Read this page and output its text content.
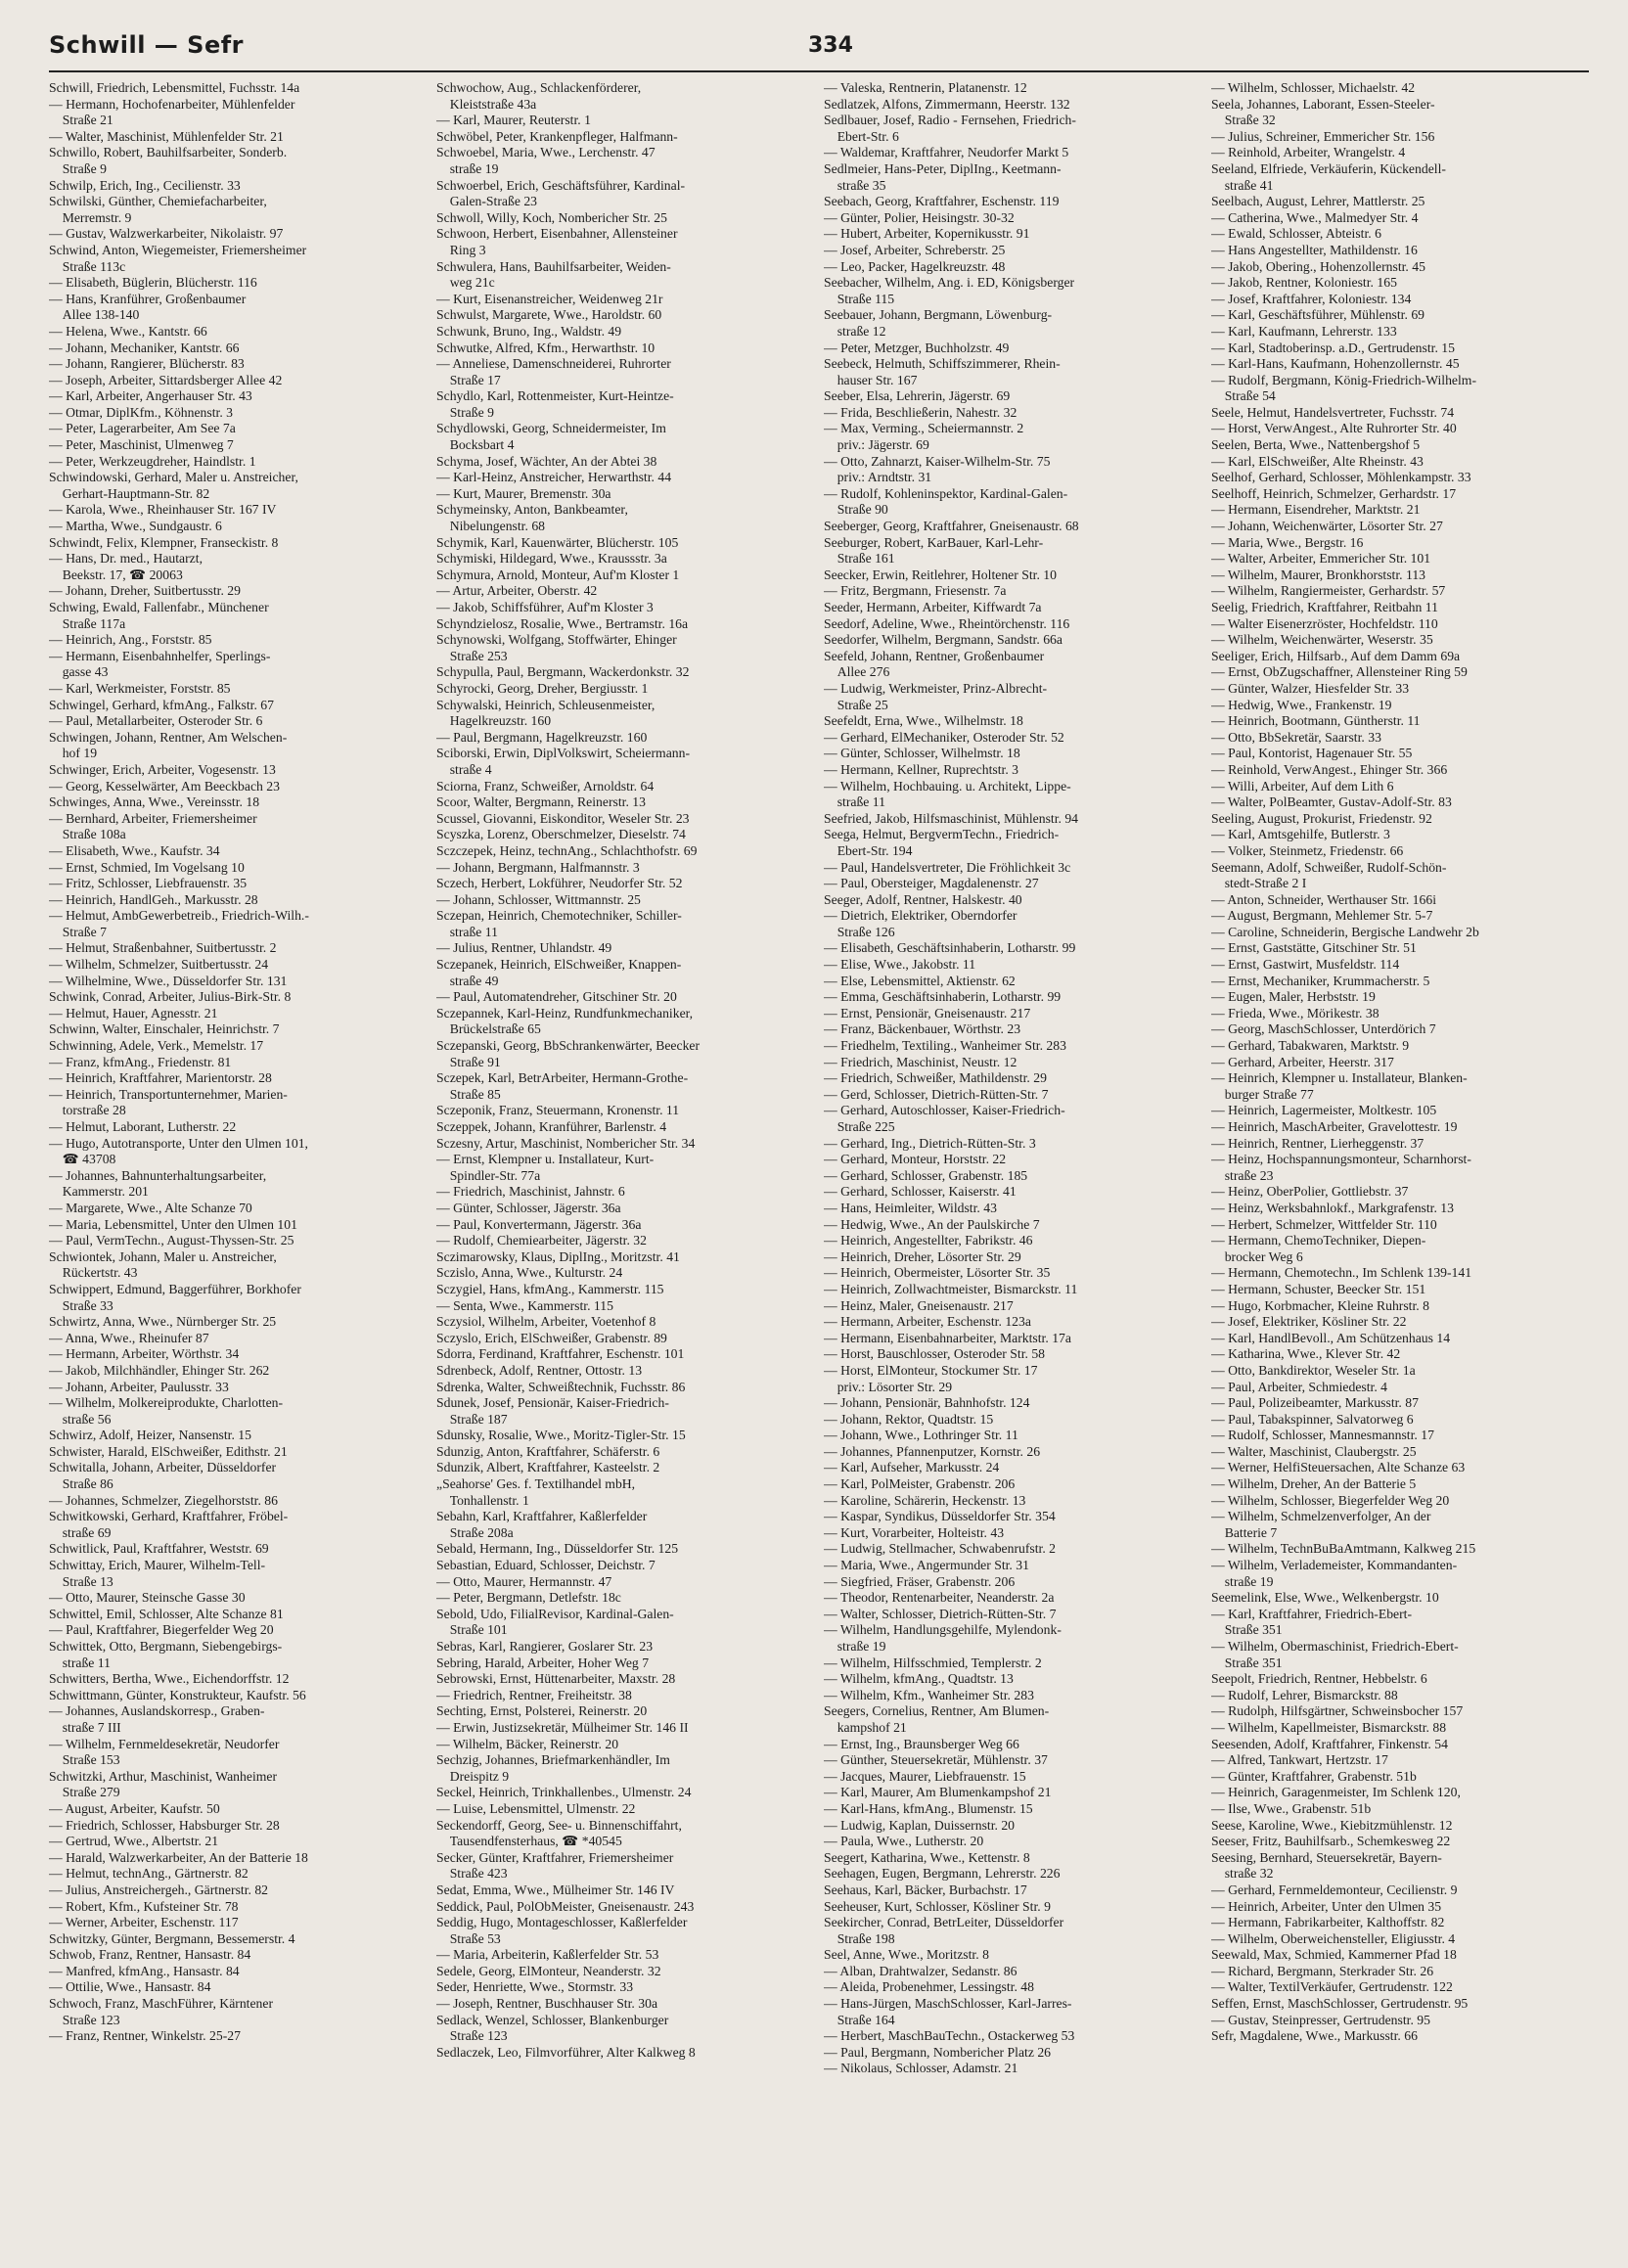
Schwill — Sefr	334
Schwill, Friedrich, Lebensmittel, Fuchsstr. 14a
— Hermann, Hochofenarbeiter, Mühlenfelder
 Straße 21
— Walter, Maschinist, Mühlenfelder Str. 21
Schwillo, Robert, Bauhilfsarbeiter, Sonderb.
 Straße 9
Schwilp, Erich, Ing., Cecilienstr. 33
Schwilski, Günther, Chemiefacharbeiter,
 Merremstr. 9
— Gustav, Walzwerkarbeiter, Nikolaistr. 97
Schwind, Anton, Wiegemeister, Friemersheimer
 Straße 113c
— Elisabeth, Büglerin, Blücherstr. 116
— Hans, Kranführer, Großenbaumer
 Allee 138-140
— Helena, Wwe., Kantstr. 66
— Johann, Mechaniker, Kantstr. 66
— Johann, Rangierer, Blücherstr. 83
— Joseph, Arbeiter, Sittardsberger Allee 42
— Karl, Arbeiter, Angerhauser Str. 43
— Otmar, DiplKfm., Köhnenstr. 3
— Peter, Lagerarbeiter, Am See 7a
— Peter, Maschinist, Ulmenweg 7
— Peter, Werkzeugdreher, Haindlstr. 1
Schwindowski, Gerhard, Maler u. Anstreicher,
 Gerhart-Hauptmann-Str. 82
— Karola, Wwe., Rheinhauser Str. 167 IV
— Martha, Wwe., Sundgaustr. 6
Schwindt, Felix, Klempner, Franseckistr. 8
— Hans, Dr. med., Hautarzt,
 Beekstr. 17, ☎ 20063
— Johann, Dreher, Suitbertusstr. 29
Schwing, Ewald, Fallenfabr., Münchener
 Straße 117a
— Heinrich, Ang., Forststr. 85
— Hermann, Eisenbahnhelfer, Sperlings-
 gasse 43
— Karl, Werkmeister, Forststr. 85
Schwingel, Gerhard, kfmAng., Falkstr. 67
— Paul, Metallarbeiter, Osteroder Str. 6
Schwingen, Johann, Rentner, Am Welschen-
 hof 19
Schwinger, Erich, Arbeiter, Vogesenstr. 13
— Georg, Kesselwärter, Am Beeckbach 23
Schwinges, Anna, Wwe., Vereinsstr. 18
— Bernhard, Arbeiter, Friemersheimer
 Straße 108a
— Elisabeth, Wwe., Kaufstr. 34
— Ernst, Schmied, Im Vogelsang 10
— Fritz, Schlosser, Liebfrauenstr. 35
— Heinrich, HandlGeh., Markusstr. 28
— Helmut, AmbGewerbetreib., Friedrich-Wilh.-
 Straße 7
— Helmut, Straßenbahner, Suitbertusstr. 2
— Wilhelm, Schmelzer, Suitbertusstr. 24
— Wilhelmine, Wwe., Düsseldorfer Str. 131
Schwink, Conrad, Arbeiter, Julius-Birk-Str. 8
— Helmut, Hauer, Agnesstr. 21
Schwinn, Walter, Einschaler, Heinrichstr. 7
Schwinning, Adele, Verk., Memelstr. 17
— Franz, kfmAng., Friedenstr. 81
— Heinrich, Kraftfahrer, Marientorstr. 28
— Heinrich, Transportunternehmer, Marien-
 torstraße 28
— Helmut, Laborant, Lutherstr. 22
— Hugo, Autotransporte, Unter den Ulmen 101,
 ☎ 43708
— Johannes, Bahnunterhaltungsarbeiter,
 Kammerstr. 201
— Margarete, Wwe., Alte Schanze 70
— Maria, Lebensmittel, Unter den Ulmen 101
— Paul, VermTechn., August-Thyssen-Str. 25
Schwiontek, Johann, Maler u. Anstreicher,
 Rückertstr. 43
Schwippert, Edmund, Baggerführer, Borkhofer
 Straße 33
Schwirtz, Anna, Wwe., Nürnberger Str. 25
— Anna, Wwe., Rheinufer 87
— Hermann, Arbeiter, Wörthstr. 34
— Jakob, Milchhändler, Ehinger Str. 262
— Johann, Arbeiter, Paulusstr. 33
— Wilhelm, Molkereiprodukte, Charlotten-
 straße 56
Schwirz, Adolf, Heizer, Nansenstr. 15
Schwister, Harald, ElSchweißer, Edithstr. 21
Schwitalla, Johann, Arbeiter, Düsseldorfer
 Straße 86
— Johannes, Schmelzer, Ziegelhorststr. 86
Schwitkowski, Gerhard, Kraftfahrer, Fröbel-
 straße 69
Schwitlick, Paul, Kraftfahrer, Weststr. 69
Schwittay, Erich, Maurer, Wilhelm-Tell-
 Straße 13
— Otto, Maurer, Steinsche Gasse 30
Schwittel, Emil, Schlosser, Alte Schanze 81
— Paul, Kraftfahrer, Biegerfelder Weg 20
Schwittek, Otto, Bergmann, Siebengebirgs-
 straße 11
Schwitters, Bertha, Wwe., Eichendorffstr. 12
Schwittmann, Günter, Konstrukteur, Kaufstr. 56
— Johannes, Auslandskorresp., Graben-
 straße 7 III
— Wilhelm, Fernmeldesekretär, Neudorfer
 Straße 153
Schwitzki, Arthur, Maschinist, Wanheimer
 Straße 279
— August, Arbeiter, Kaufstr. 50
— Friedrich, Schlosser, Habsburger Str. 28
— Gertrud, Wwe., Albertstr. 21
— Harald, Walzwerkarbeiter, An der Batterie 18
— Helmut, technAng., Gärtnerstr. 82
— Julius, Anstreichergeh., Gärtnerstr. 82
— Robert, Kfm., Kufsteiner Str. 78
— Werner, Arbeiter, Eschenstr. 117
Schwitzky, Günter, Bergmann, Bessemerstr. 4
Schwob, Franz, Rentner, Hansastr. 84
— Manfred, kfmAng., Hansastr. 84
— Ottilie, Wwe., Hansastr. 84
Schwoch, Franz, MaschFührer, Kärntener
 Straße 123
— Franz, Rentner, Winkelstr. 25-27
Schwochow, Aug., Schlackenförderer,
 Kleiststraße 43a
— Karl, Maurer, Reuterstr. 1
Schwöbel, Peter, Krankenpfleger, Halfmann-
Schwoebel, Maria, Wwe., Lerchenstr. 47
 straße 19
Schwoerbel, Erich, Geschäftsführer, Kardinal-
 Galen-Straße 23
Schwoll, Willy, Koch, Nombericher Str. 25
Schwoon, Herbert, Eisenbahner, Allensteiner
 Ring 3
Schwulera, Hans, Bauhilfsarbeiter, Weiden-
 weg 21c
— Kurt, Eisenanstreicher, Weidenweg 21r
Schwulst, Margarete, Wwe., Haroldstr. 60
Schwunk, Bruno, Ing., Waldstr. 49
Schwutke, Alfred, Kfm., Herwarthstr. 10
— Anneliese, Damenschneiderei, Ruhrorter
 Straße 17
Schydlo, Karl, Rottenmeister, Kurt-Heintze-
 Straße 9
Schydlowski, Georg, Schneidermeister, Im
 Bocksbart 4
Schyma, Josef, Wächter, An der Abtei 38
— Karl-Heinz, Anstreicher, Herwarthstr. 44
— Kurt, Maurer, Bremenstr. 30a
Schymeinsky, Anton, Bankbeamter,
 Nibelungenstr. 68
Schymik, Karl, Kauenwärter, Blücherstr. 105
Schymiski, Hildegard, Wwe., Kraussstr. 3a
Schymura, Arnold, Monteur, Auf'm Kloster 1
— Artur, Arbeiter, Oberstr. 42
— Jakob, Schiffsführer, Auf'm Kloster 3
Schyndzielosz, Rosalie, Wwe., Bertramstr. 16a
Schynowski, Wolfgang, Stoffwärter, Ehinger
 Straße 253
Schypulla, Paul, Bergmann, Wackerdonkstr. 32
Schyrocki, Georg, Dreher, Bergiusstr. 1
Schywalski, Heinrich, Schleusenmeister,
 Hagelkreuzstr. 160
— Paul, Bergmann, Hagelkreuzstr. 160
Sciborski, Erwin, DiplVolkswirt, Scheiermann-
 straße 4
Sciorna, Franz, Schweißer, Arnoldstr. 64
Scoor, Walter, Bergmann, Reinerstr. 13
Scussel, Giovanni, Eiskonditor, Weseler Str. 23
Scyszka, Lorenz, Oberschmelzer, Dieselstr. 74
Sczczepek, Heinz, technAng., Schlachthofstr. 69
— Johann, Bergmann, Halfmannstr. 3
Sczech, Herbert, Lokführer, Neudorfer Str. 52
— Johann, Schlosser, Wittmannstr. 25
Sczepan, Heinrich, Chemotechniker, Schiller-
 straße 11
— Julius, Rentner, Uhlandstr. 49
Sczepanek, Heinrich, ElSchweißer, Knappen-
 straße 49
— Paul, Automatendreher, Gitschiner Str. 20
Sczepannek, Karl-Heinz, Rundfunkmechaniker,
 Brückelstraße 65
Sczepanski, Georg, BbSchrankenwärter, Beecker
 Straße 91
Sczepek, Karl, BetrArbeiter, Hermann-Grothe-
 Straße 85
Sczeponik, Franz, Steuermann, Kronenstr. 11
Sczeppek, Johann, Kranführer, Barlenstr. 4
Sczesny, Artur, Maschinist, Nombericher Str. 34
— Ernst, Klempner u. Installateur, Kurt-
 Spindler-Str. 77a
— Friedrich, Maschinist, Jahnstr. 6
— Günter, Schlosser, Jägerstr. 36a
— Paul, Konvertermann, Jägerstr. 36a
— Rudolf, Chemiearbeiter, Jägerstr. 32
Sczimarowsky, Klaus, DiplIng., Moritzstr. 41
Sczislo, Anna, Wwe., Kulturstr. 24
Sczygiel, Hans, kfmAng., Kammerstr. 115
— Senta, Wwe., Kammerstr. 115
Sczysiol, Wilhelm, Arbeiter, Voetenhof 8
Sczyslo, Erich, ElSchweißer, Grabenstr. 89
Sdorra, Ferdinand, Kraftfahrer, Eschenstr. 101
Sdrenbeck, Adolf, Rentner, Ottostr. 13
Sdrenka, Walter, Schweißtechnik, Fuchsstr. 86
Sdunek, Josef, Pensionär, Kaiser-Friedrich-
 Straße 187
Sdunsky, Rosalie, Wwe., Moritz-Tigler-Str. 15
Sdunzig, Anton, Kraftfahrer, Schäferstr. 6
Sdunzik, Albert, Kraftfahrer, Kasteelstr. 2
„Seahorse' Ges. f. Textilhandel mbH,
 Tonhallenstr. 1
Sebahn, Karl, Kraftfahrer, Kaßlerfelder
 Straße 208a
Sebald, Hermann, Ing., Düsseldorfer Str. 125
Sebastian, Eduard, Schlosser, Deichstr. 7
— Otto, Maurer, Hermannstr. 47
— Peter, Bergmann, Detlefstr. 18c
Sebold, Udo, FilialRevisor, Kardinal-Galen-
 Straße 101
Sebras, Karl, Rangierer, Goslarer Str. 23
Sebring, Harald, Arbeiter, Hoher Weg 7
Sebrowski, Ernst, Hüttenarbeiter, Maxstr. 28
— Friedrich, Rentner, Freiheitstr. 38
Sechting, Ernst, Polsterei, Reinerstr. 20
— Erwin, Justizsekretär, Mülheimer Str. 146 II
— Wilhelm, Bäcker, Reinerstr. 20
Sechzig, Johannes, Briefmarkenhändler, Im
 Dreispitz 9
Seckel, Heinrich, Trinkhallenbes., Ulmenstr. 24
— Luise, Lebensmittel, Ulmenstr. 22
Seckendorff, Georg, See- u. Binnenschiffahrt,
 Tausendfensterhaus, ☎ *40545
Secker, Günter, Kraftfahrer, Friemersheimer
 Straße 423
Sedat, Emma, Wwe., Mülheimer Str. 146 IV
Seddick, Paul, PolObMeister, Gneisenaustr. 243
Seddig, Hugo, Montageschlosser, Kaßlerfelder
 Straße 53
— Maria, Arbeiterin, Kaßlerfelder Str. 53
Sedele, Georg, ElMonteur, Neanderstr. 32
Seder, Henriette, Wwe., Stormstr. 33
— Joseph, Rentner, Buschhauser Str. 30a
Sedlack, Wenzel, Schlosser, Blankenburger
 Straße 123
Sedlaczek, Leo, Filmvorführer, Alter Kalkweg 8
— Valeska, Rentnerin, Platanenstr. 12
Sedlatzek, Alfons, Zimmermann, Heerstr. 132
Sedlbauer, Josef, Radio - Fernsehen, Friedrich-
 Ebert-Str. 6
— Waldemar, Kraftfahrer, Neudorfer Markt 5
Sedlmeier, Hans-Peter, DiplIng., Keetmann-
 straße 35
Seebach, Georg, Kraftfahrer, Eschenstr. 119
— Günter, Polier, Heisingstr. 30-32
— Hubert, Arbeiter, Kopernikusstr. 91
— Josef, Arbeiter, Schreberstr. 25
— Leo, Packer, Hagelkreuzstr. 48
Seebacher, Wilhelm, Ang. i. ED, Königsberger
 Straße 115
Seebauer, Johann, Bergmann, Löwenburg-
 straße 12
— Peter, Metzger, Buchholzstr. 49
Seebeck, Helmuth, Schiffszimmerer, Rhein-
 hauser Str. 167
Seeber, Elsa, Lehrerin, Jägerstr. 69
— Frida, Beschließerin, Nahestr. 32
— Max, Verming., Scheiermannstr. 2
 priv.: Jägerstr. 69
— Otto, Zahnarzt, Kaiser-Wilhelm-Str. 75
 priv.: Arndtstr. 31
— Rudolf, Kohleninspektor, Kardinal-Galen-
 Straße 90
Seeberger, Georg, Kraftfahrer, Gneisenaustr. 68
Seeburger, Robert, KarBauer, Karl-Lehr-
 Straße 161
Seecker, Erwin, Reitlehrer, Holtener Str. 10
— Fritz, Bergmann, Friesenstr. 7a
Seeder, Hermann, Arbeiter, Kiffwardt 7a
Seedorf, Adeline, Wwe., Rheintörchenstr. 116
Seedorfer, Wilhelm, Bergmann, Sandstr. 66a
Seefeld, Johann, Rentner, Großenbaumer
 Allee 276
— Ludwig, Werkmeister, Prinz-Albrecht-
 Straße 25
Seefeldt, Erna, Wwe., Wilhelmstr. 18
— Gerhard, ElMechaniker, Osteroder Str. 52
— Günter, Schlosser, Wilhelmstr. 18
— Hermann, Kellner, Ruprechtstr. 3
— Wilhelm, Hochbauing. u. Architekt, Lippe-
 straße 11
Seefried, Jakob, Hilfsmaschinist, Mühlenstr. 94
Seega, Helmut, BergvermTechn., Friedrich-
 Ebert-Str. 194
— Paul, Handelsvertreter, Die Fröhlichkeit 3c
— Paul, Obersteiger, Magdalenenstr. 27
Seeger, Adolf, Rentner, Halskestr. 40
— Dietrich, Elektriker, Oberndorfer
 Straße 126
— Elisabeth, Geschäftsinhaberin, Lotharstr. 99
— Elise, Wwe., Jakobstr. 11
— Else, Lebensmittel, Aktienstr. 62
— Emma, Geschäftsinhaberin, Lotharstr. 99
— Ernst, Pensionär, Gneisenaustr. 217
— Franz, Bäckenbauer, Wörthstr. 23
— Friedhelm, Textiling., Wanheimer Str. 283
— Friedrich, Maschinist, Neustr. 12
— Friedrich, Schweißer, Mathildenstr. 29
— Gerd, Schlosser, Dietrich-Rütten-Str. 7
— Gerhard, Autoschlosser, Kaiser-Friedrich-
 Straße 225
— Gerhard, Ing., Dietrich-Rütten-Str. 3
— Gerhard, Monteur, Horststr. 22
— Gerhard, Schlosser, Grabenstr. 185
— Gerhard, Schlosser, Kaiserstr. 41
— Hans, Heimleiter, Wildstr. 43
— Hedwig, Wwe., An der Paulskirche 7
— Heinrich, Angestellter, Fabrikstr. 46
— Heinrich, Dreher, Lösorter Str. 29
— Heinrich, Obermeister, Lösorter Str. 35
— Heinrich, Zollwachtmeister, Bismarckstr. 11
— Heinz, Maler, Gneisenaustr. 217
— Hermann, Arbeiter, Eschenstr. 123a
— Hermann, Eisenbahnarbeiter, Marktstr. 17a
— Horst, Bauschlosser, Osteroder Str. 58
— Horst, ElMonteur, Stockumer Str. 17
 priv.: Lösorter Str. 29
— Johann, Pensionär, Bahnhofstr. 124
— Johann, Rektor, Quadtstr. 15
— Johann, Wwe., Lothringer Str. 11
— Johannes, Pfannenputzer, Kornstr. 26
— Karl, Aufseher, Markusstr. 24
— Karl, PolMeister, Grabenstr. 206
— Karoline, Schärerin, Heckenstr. 13
— Kaspar, Syndikus, Düsseldorfer Str. 354
— Kurt, Vorarbeiter, Holteistr. 43
— Ludwig, Stellmacher, Schwabenrufstr. 2
— Maria, Wwe., Angermunder Str. 31
— Siegfried, Fräser, Grabenstr. 206
— Theodor, Rentenarbeiter, Neanderstr. 2a
— Walter, Schlosser, Dietrich-Rütten-Str. 7
— Wilhelm, Handlungsgehilfe, Mylendonk-
 straße 19
— Wilhelm, Hilfsschmied, Templerstr. 2
— Wilhelm, kfmAng., Quadtstr. 13
— Wilhelm, Kfm., Wanheimer Str. 283
Seegers, Cornelius, Rentner, Am Blumen-
 kampshof 21
— Ernst, Ing., Braunsberger Weg 66
— Günther, Steuersekretär, Mühlenstr. 37
— Jacques, Maurer, Liebfrauenstr. 15
— Karl, Maurer, Am Blumenkampshof 21
— Karl-Hans, kfmAng., Blumenstr. 15
— Ludwig, Kaplan, Duissernstr. 20
— Paula, Wwe., Lutherstr. 20
Seegert, Katharina, Wwe., Kettenstr. 8
Seehagen, Eugen, Bergmann, Lehrerstr. 226
Seehaus, Karl, Bäcker, Burbachstr. 17
Seeheuser, Kurt, Schlosser, Kösliner Str. 9
Seekircher, Conrad, BetrLeiter, Düsseldorfer
 Straße 198
Seel, Anne, Wwe., Moritzstr. 8
— Alban, Drahtwalzer, Sedanstr. 86
— Aleida, Probenehmer, Lessingstr. 48
— Hans-Jürgen, MaschSchlosser, Karl-Jarres-
 Straße 164
— Herbert, MaschBauTechn., Ostackerweg 53
— Paul, Bergmann, Nombericher Platz 26
— Nikolaus, Schlosser, Adamstr. 21
— Wilhelm, Schlosser, Michaelstr. 42
Seela, Johannes, Laborant, Essen-Steeler-
 Straße 32
— Julius, Schreiner, Emmericher Str. 156
— Reinhold, Arbeiter, Wrangelstr. 4
Seeland, Elfriede, Verkäuferin, Kückendell-
 straße 41
Seelbach, August, Lehrer, Mattlerstr. 25
— Catherina, Wwe., Malmedyer Str. 4
— Ewald, Schlosser, Abteistr. 6
— Hans Angestellter, Mathildenstr. 16
— Jakob, Obering., Hohenzollernstr. 45
— Jakob, Rentner, Koloniestr. 165
— Josef, Kraftfahrer, Koloniestr. 134
— Karl, Geschäftsführer, Mühlenstr. 69
— Karl, Kaufmann, Lehrerstr. 133
— Karl, Stadtoberinsp. a.D., Gertrudenstr. 15
— Karl-Hans, Kaufmann, Hohenzollernstr. 45
— Rudolf, Bergmann, König-Friedrich-Wilhelm-
 Straße 54
Seele, Helmut, Handelsvertreter, Fuchsstr. 74
— Horst, VerwAngest., Alte Ruhrorter Str. 40
Seelen, Berta, Wwe., Nattenbergshof 5
— Karl, ElSchweißer, Alte Rheinstr. 43
Seelhof, Gerhard, Schlosser, Möhlenkampstr. 33
Seelhoff, Heinrich, Schmelzer, Gerhardstr. 17
— Hermann, Eisendreher, Marktstr. 21
— Johann, Weichenwärter, Lösorter Str. 27
— Maria, Wwe., Bergstr. 16
— Walter, Arbeiter, Emmericher Str. 101
— Wilhelm, Maurer, Bronkhorststr. 113
— Wilhelm, Rangiermeister, Gerhardstr. 57
Seelig, Friedrich, Kraftfahrer, Reitbahn 11
— Walter Eisenerzröster, Hochfeldstr. 110
— Wilhelm, Weichenwärter, Weserstr. 35
Seeliger, Erich, Hilfsarb., Auf dem Damm 69a
— Ernst, ObZugschaffner, Allensteiner Ring 59
— Günter, Walzer, Hiesfelder Str. 33
— Hedwig, Wwe., Frankenstr. 19
— Heinrich, Bootmann, Güntherstr. 11
— Otto, BbSekretär, Saarstr. 33
— Paul, Kontorist, Hagenauer Str. 55
— Reinhold, VerwAngest., Ehinger Str. 366
— Willi, Arbeiter, Auf dem Lith 6
— Walter, PolBeamter, Gustav-Adolf-Str. 83
Seeling, August, Prokurist, Friedenstr. 92
— Karl, Amtsgehilfe, Butlerstr. 3
— Volker, Steinmetz, Friedenstr. 66
Seemann, Adolf, Schweißer, Rudolf-Schön-
 stedt-Straße 2 I
— Anton, Schneider, Werthauser Str. 166i
— August, Bergmann, Mehlemer Str. 5-7
— Caroline, Schneiderin, Bergische Landwehr 2b
— Ernst, Gaststätte, Gitschiner Str. 51
— Ernst, Gastwirt, Musfeldstr. 114
— Ernst, Mechaniker, Krummacherstr. 5
— Eugen, Maler, Herbststr. 19
— Frieda, Wwe., Mörikestr. 38
— Georg, MaschSchlosser, Unterdörich 7
— Gerhard, Tabakwaren, Marktstr. 9
— Gerhard, Arbeiter, Heerstr. 317
— Heinrich, Klempner u. Installateur, Blanken-
 burger Straße 77
— Heinrich, Lagermeister, Moltkestr. 105
— Heinrich, MaschArbeiter, Gravelottestr. 19
— Heinrich, Rentner, Lierheggenstr. 37
— Heinz, Hochspannungsmonteur, Scharnhorst-
 straße 23
— Heinz, OberPolier, Gottliebstr. 37
— Heinz, Werksbahnlokf., Markgrafenstr. 13
— Herbert, Schmelzer, Wittfelder Str. 110
— Hermann, ChemoTechniker, Diepen-
 brocker Weg 6
— Hermann, Chemotechn., Im Schlenk 139-141
— Hermann, Schuster, Beecker Str. 151
— Hugo, Korbmacher, Kleine Ruhrstr. 8
— Josef, Elektriker, Kösliner Str. 22
— Karl, HandlBevoll., Am Schützenhaus 14
— Katharina, Wwe., Klever Str. 42
— Otto, Bankdirektor, Weseler Str. 1a
— Paul, Arbeiter, Schmiedestr. 4
— Paul, Polizeibeamter, Markusstr. 87
— Paul, Tabakspinner, Salvatorweg 6
— Rudolf, Schlosser, Mannesmannstr. 17
— Walter, Maschinist, Claubergstr. 25
— Werner, HelfiSteuersachen, Alte Schanze 63
— Wilhelm, Dreher, An der Batterie 5
— Wilhelm, Schlosser, Biegerfelder Weg 20
— Wilhelm, Schmelzenverfolger, An der
 Batterie 7
— Wilhelm, TechnBuBaAmtmann, Kalkweg 215
— Wilhelm, Verlademeister, Kommandanten-
 straße 19
Seemelink, Else, Wwe., Welkenbergstr. 10
— Karl, Kraftfahrer, Friedrich-Ebert-
 Straße 351
— Wilhelm, Obermaschinist, Friedrich-Ebert-
 Straße 351
Seepolt, Friedrich, Rentner, Hebbelstr. 6
— Rudolf, Lehrer, Bismarckstr. 88
— Rudolph, Hilfsgärtner, Schweinsbocher 157
— Wilhelm, Kapellmeister, Bismarckstr. 88
Seesenden, Adolf, Kraftfahrer, Finkenstr. 54
— Alfred, Tankwart, Hertzstr. 17
— Günter, Kraftfahrer, Grabenstr. 51b
— Heinrich, Garagenmeister, Im Schlenk 120,
— Ilse, Wwe., Grabenstr. 51b
Seese, Karoline, Wwe., Kiebitzmühlenstr. 12
Seeser, Fritz, Bauhilfsarb., Schemkesweg 22
Seesing, Bernhard, Steuersekretär, Bayern-
 straße 32
— Gerhard, Fernmeldemonteur, Cecilienstr. 9
— Heinrich, Arbeiter, Unter den Ulmen 35
— Hermann, Fabrikarbeiter, Kalthoffstr. 82
— Wilhelm, Oberweichensteller, Eligiusstr. 4
Seewald, Max, Schmied, Kammerner Pfad 18
— Richard, Bergmann, Sterkrader Str. 26
— Walter, TextilVerkäufer, Gertrudenstr. 122
Seffen, Ernst, MaschSchlosser, Gertrudenstr. 95
— Gustav, Steinpresser, Gertrudenstr. 95
Sefr, Magdalene, Wwe., Markusstr. 66
